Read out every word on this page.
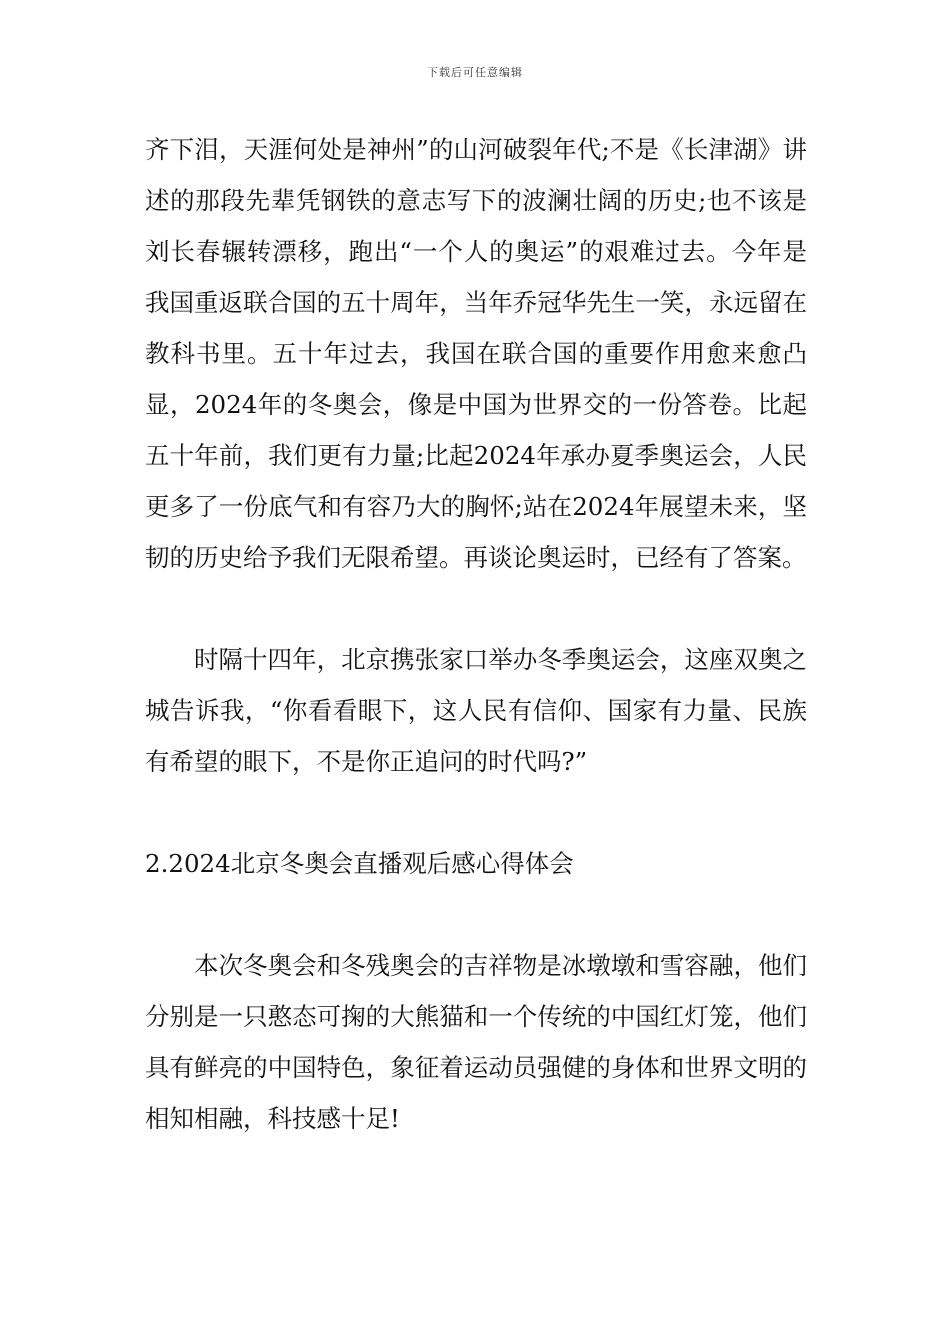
下载后可任意编辑

齐下泪，天涯何处是神州”的山河破裂年代;不是《长津湖》讲述的那段先辈凭钢铁的意志写下的波澜壮阔的历史;也不该是刘长春辗转漂移，跑出“一个人的奥运”的艰难过去。今年是我国重返联合国的五十周年，当年乔冠华先生一笑，永远留在教科书里。五十年过去，我国在联合国的重要作用愈来愈凸显，2024年的冬奥会，像是中国为世界交的一份答卷。比起五十年前，我们更有力量;比起2024年承办夏季奥运会，人民更多了一份底气和有容乃大的胸怀;站在2024年展望未来，坚韧的历史给予我们无限希望。再谈论奥运时，已经有了答案。

时隔十四年，北京携张家口举办冬季奥运会，这座双奥之城告诉我，“你看看眼下，这人民有信仰、国家有力量、民族有希望的眼下，不是你正追问的时代吗?”

2.2024北京冬奥会直播观后感心得体会

本次冬奥会和冬残奥会的吉祥物是冰墩墩和雪容融，他们分别是一只憨态可掬的大熊猫和一个传统的中国红灯笼，他们具有鲜亮的中国特色，象征着运动员强健的身体和世界文明的相知相融，科技感十足!
